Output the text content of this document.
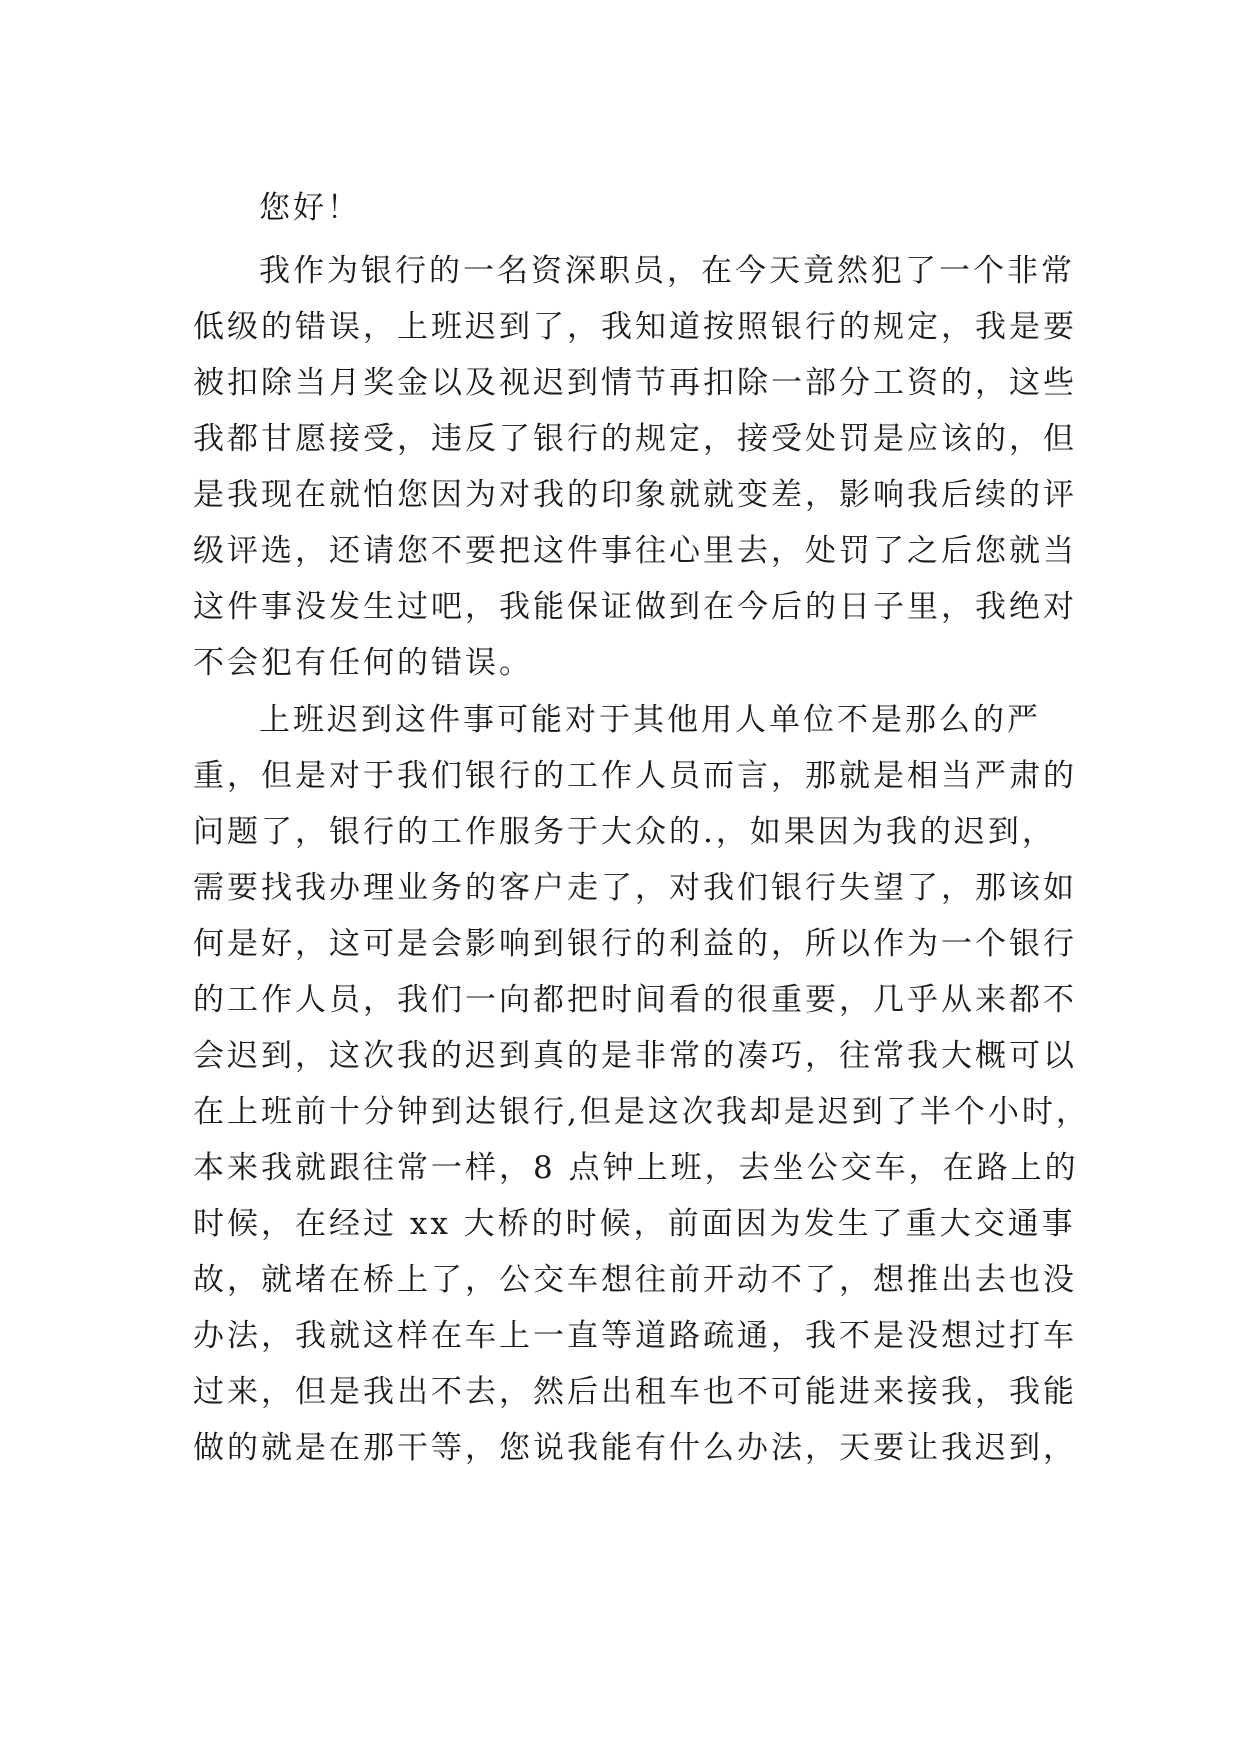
您好！
我作为银行的一名资深职员，在今天竟然犯了一个非常
低级的错误，上班迟到了，我知道按照银行的规定，我是要
被扣除当月奖金以及视迟到情节再扣除一部分工资的，这些
我都甘愿接受，违反了银行的规定，接受处罚是应该的，但
是我现在就怕您因为对我的印象就就变差，影响我后续的评
级评选，还请您不要把这件事往心里去，处罚了之后您就当
这件事没发生过吧，我能保证做到在今后的日子里，我绝对
不会犯有任何的错误。
上班迟到这件事可能对于其他用人单位不是那么的严
重，但是对于我们银行的工作人员而言，那就是相当严肃的
问题了，银行的工作服务于大众的.，如果因为我的迟到，
需要找我办理业务的客户走了，对我们银行失望了，那该如
何是好，这可是会影响到银行的利益的，所以作为一个银行
的工作人员，我们一向都把时间看的很重要，几乎从来都不
会迟到，这次我的迟到真的是非常的凑巧，往常我大概可以
在上班前十分钟到达银行,但是这次我却是迟到了半个小时，
本来我就跟往常一样，8 点钟上班，去坐公交车，在路上的
时候，在经过 xx 大桥的时候，前面因为发生了重大交通事
故，就堵在桥上了，公交车想往前开动不了，想推出去也没
办法，我就这样在车上一直等道路疏通，我不是没想过打车
过来，但是我出不去，然后出租车也不可能进来接我，我能
做的就是在那干等，您说我能有什么办法，天要让我迟到，
